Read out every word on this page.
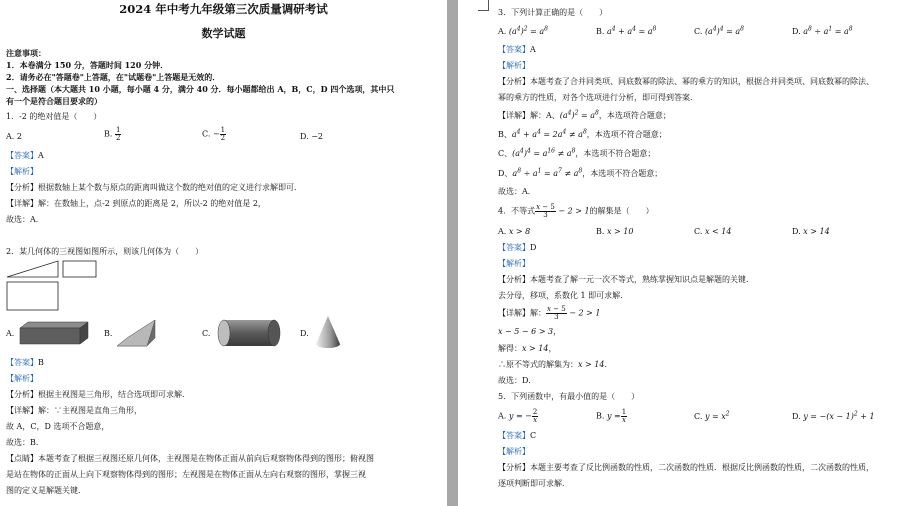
2024 年中考九年级第三次质量调研考试
数学试题
注意事项：
1．本卷满分 150 分，答题时间 120 分钟．
2．请务必在"答题卷"上答题，在"试题卷"上答题是无效的．
一、选择题（本大题共 10 小题，每小题 4 分，满分 40 分．每小题都给出 A，B，C，D 四个选项，其中只
有一个是符合题目要求的）
1．-2 的绝对值是（　　）
A. 2	B. $\frac{1}{2}$	C. − $\frac{1}{2}$	D. −2
【答案】A
【解析】
【分析】根据数轴上某个数与原点的距离叫做这个数的绝对值的定义进行求解即可．
【详解】解：在数轴上，点-2 到原点的距离是 2，所以-2 的绝对值是 2，
故选：A．
2．某几何体的三视图如图所示，则该几何体为（　　）
A.	B.	C.	D.
【答案】B
【解析】
【分析】根据主视图是三角形，结合选项即可求解．
【详解】解：∵主视图是直角三角形，
故 A，C，D 选项不合题意，
故选：B．
【点睛】本题考查了根据三视图还原几何体，主视图是在物体正面从前向后观察物体得到的图形；俯视图
是站在物体的正面从上向下观察物体得到的图形；左视图是在物体正面从左向右观察的图形，掌握三视
图的定义是解题关键．
3．下列计算正确的是（　　）
A. $(a^4)^2 = a^8$	B. $a^4 + a^4 = a^8$	C. $(a^4)^4 = a^8$	D. $a^8 \div a^1 = a^8$
【答案】A
【解析】
【分析】本题考查了合并同类项、同底数幂的除法、幂的乘方的知识，根据合并同类项、同底数幂的除法、
幂的乘方的性质，对各个选项进行分析，即可得到答案．
【详解】解：A、$(a^4)^2 = a^8$，本选项符合题意；
B、$a^4 + a^4 = 2a^4 \ne a^8$，本选项不符合题意；
C、$(a^4)^4 = a^{16} \ne a^8$，本选项不符合题意；
D、$a^8 \div a^1 = a^7 \ne a^8$，本选项不符合题意；
故选：A．
4．不等式 $\frac{x - 5}{3} - 2 > 1$的解集是（　　）
A. x > 8	B. x > 10	C. x < 14	D. x > 14
【答案】D
【解析】
【分析】本题考查了解一元一次不等式，熟练掌握知识点是解题的关键．
去分母，移项，系数化 1 即可求解．
【详解】解： $\frac{x - 5}{3} - 2 > 1$
x − 5 − 6 > 3，
解得：x > 14，
∴原不等式的解集为：x > 14．
故选：D．
5．下列函数中，有最小值的是（　　）
A. y = − $\frac{2}{x}$	B. $y = \frac{1}{x}$	C. $y = x^2$	D. $y = -(x - 1)^2 + 1$
【答案】C
【解析】
【分析】本题主要考查了反比例函数的性质，二次函数的性质．根据反比例函数的性质，二次函数的性质，
逐项判断即可求解．
